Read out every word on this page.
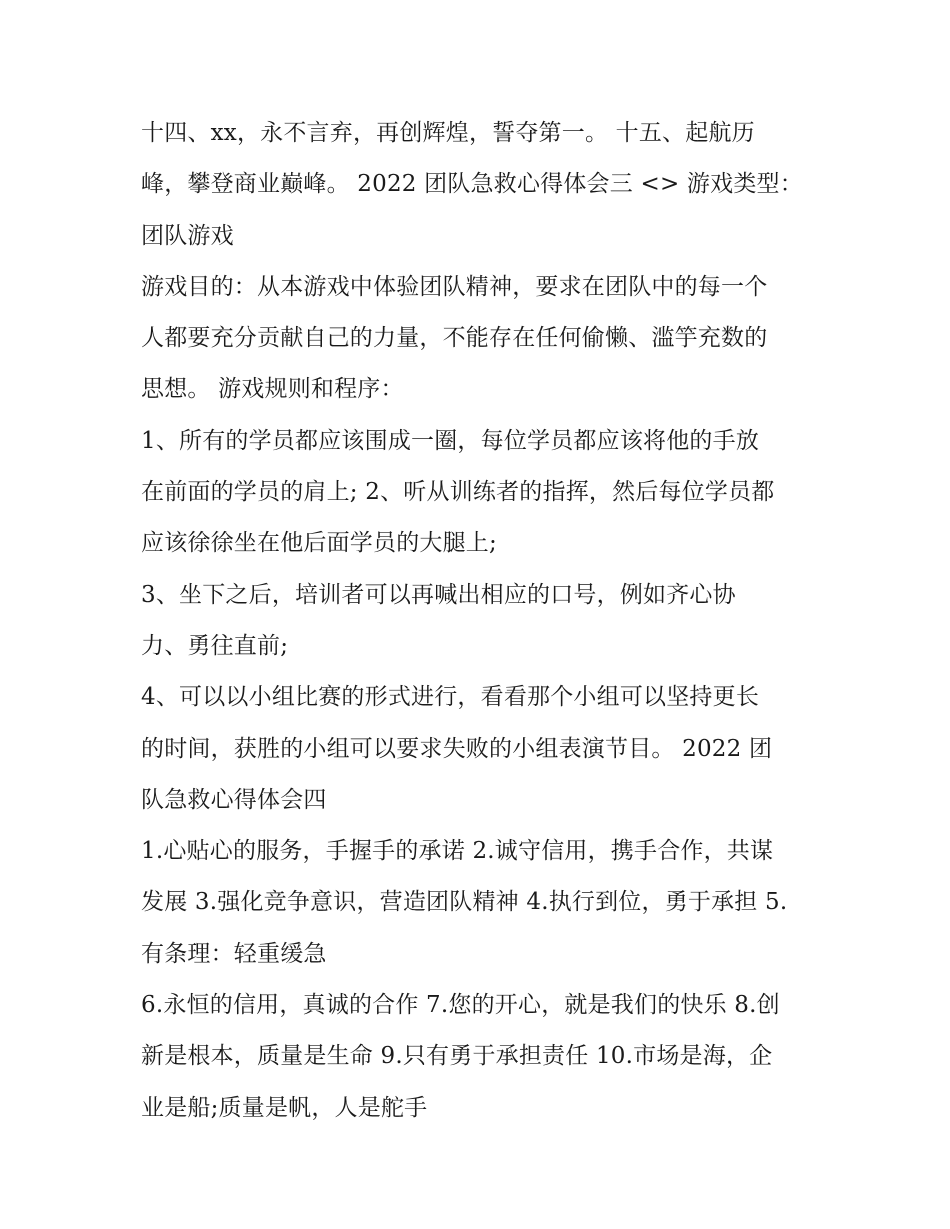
十四、xx，永不言弃，再创辉煌，誓夺第一。 十五、起航历
峰，攀登商业巅峰。 2022 团队急救心得体会三 <> 游戏类型：
团队游戏
游戏目的：从本游戏中体验团队精神，要求在团队中的每一个
人都要充分贡献自己的力量，不能存在任何偷懒、滥竽充数的
思想。 游戏规则和程序：
1、所有的学员都应该围成一圈，每位学员都应该将他的手放
在前面的学员的肩上; 2、听从训练者的指挥，然后每位学员都
应该徐徐坐在他后面学员的大腿上;
3、坐下之后，培训者可以再喊出相应的口号，例如齐心协
力、勇往直前;
4、可以以小组比赛的形式进行，看看那个小组可以坚持更长
的时间，获胜的小组可以要求失败的小组表演节目。 2022 团
队急救心得体会四
1.心贴心的服务，手握手的承诺 2.诚守信用，携手合作，共谋
发展 3.强化竞争意识，营造团队精神 4.执行到位，勇于承担 5.
有条理：轻重缓急
6.永恒的信用，真诚的合作 7.您的开心，就是我们的快乐 8.创
新是根本，质量是生命 9.只有勇于承担责任 10.市场是海，企
业是船;质量是帆，人是舵手
